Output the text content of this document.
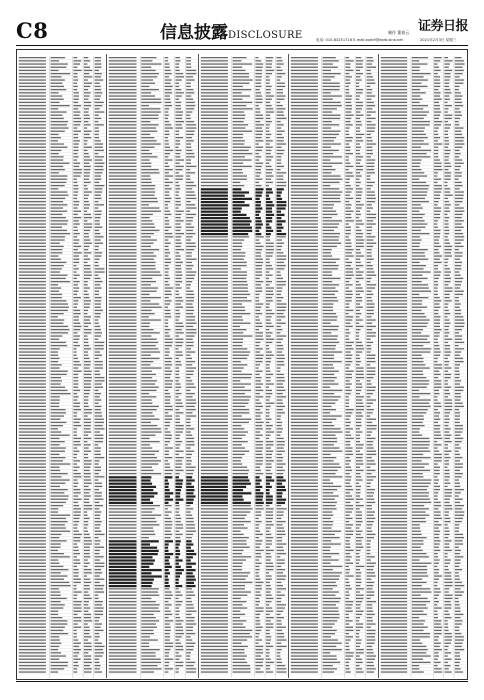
C8	信息披露DISCLOSURE	制作 董春云 证券日报
电话: 010-83251716 E-mail:zqrb9@zqrb.sina.net	2021年2月3日 星期三
